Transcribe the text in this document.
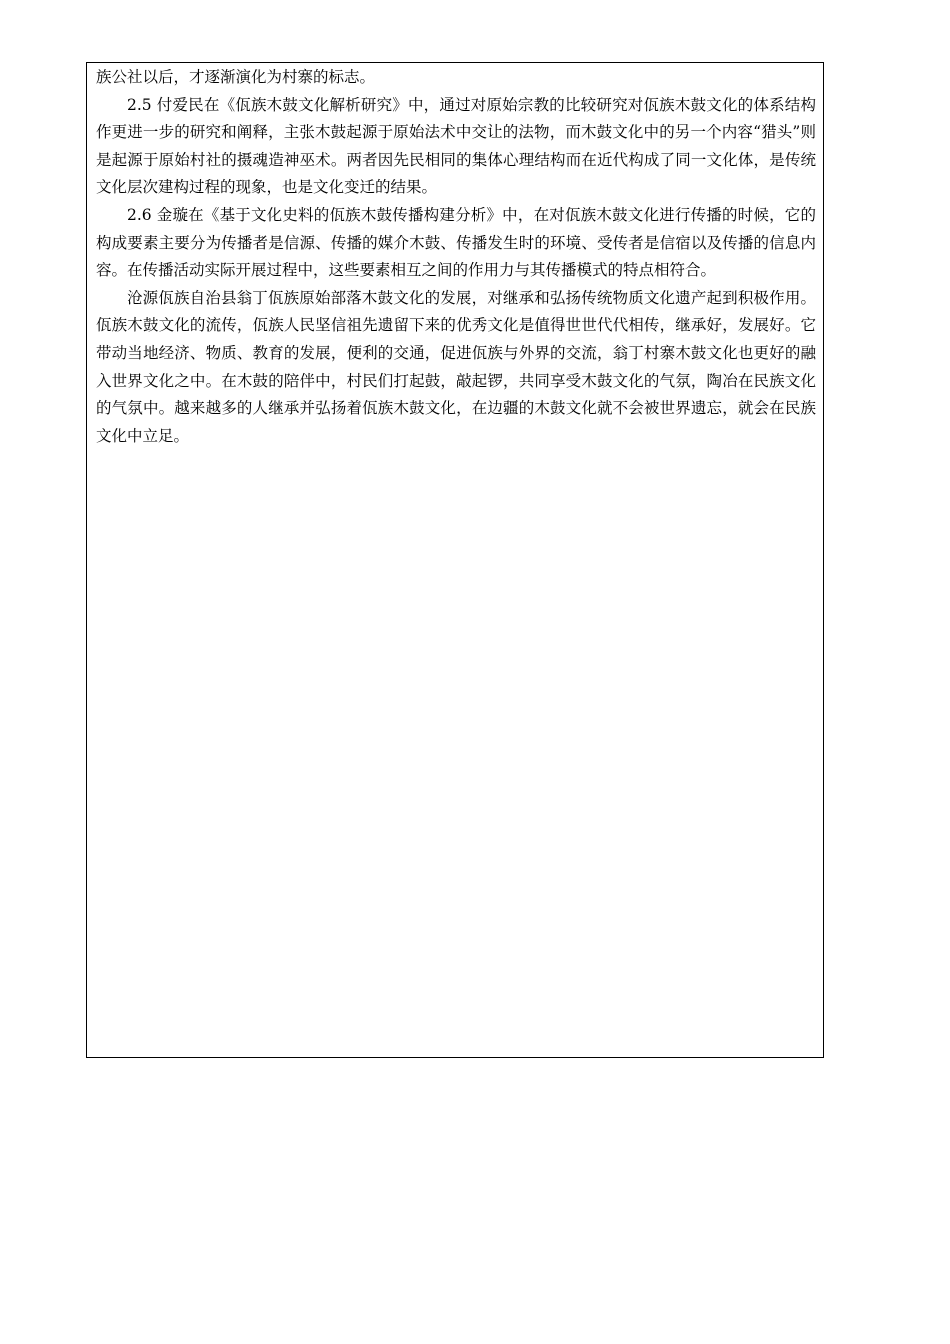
族公社以后，才逐渐演化为村寨的标志。

2.5 付爱民在《佤族木鼓文化解析研究》中，通过对原始宗教的比较研究对佤族木鼓文化的体系结构作更进一步的研究和阐释，主张木鼓起源于原始法术中交让的法物，而木鼓文化中的另一个内容“猎头”则是起源于原始村社的摄魂造神巫术。两者因先民相同的集体心理结构而在近代构成了同一文化体，是传统文化层次建构过程的现象，也是文化变迁的结果。

2.6 金璇在《基于文化史料的佤族木鼓传播构建分析》中，在对佤族木鼓文化进行传播的时候，它的构成要素主要分为传播者是信源、传播的媒介木鼓、传播发生时的环境、受传者是信宿以及传播的信息内容。在传播活动实际开展过程中，这些要素相互之间的作用力与其传播模式的特点相符合。

沧源佤族自治县翁丁佤族原始部落木鼓文化的发展，对继承和弘扬传统物质文化遗产起到积极作用。佤族木鼓文化的流传，佤族人民坚信祖先遗留下来的优秀文化是值得世世代代相传，继承好，发展好。它带动当地经济、物质、教育的发展，便利的交通，促进佤族与外界的交流，翁丁村寨木鼓文化也更好的融入世界文化之中。在木鼓的陪伴中，村民们打起鼓，敲起锣，共同享受木鼓文化的气氛，陶冶在民族文化的气氛中。越来越多的人继承并弘扬着佤族木鼓文化，在边疆的木鼓文化就不会被世界遗忘，就会在民族文化中立足。
